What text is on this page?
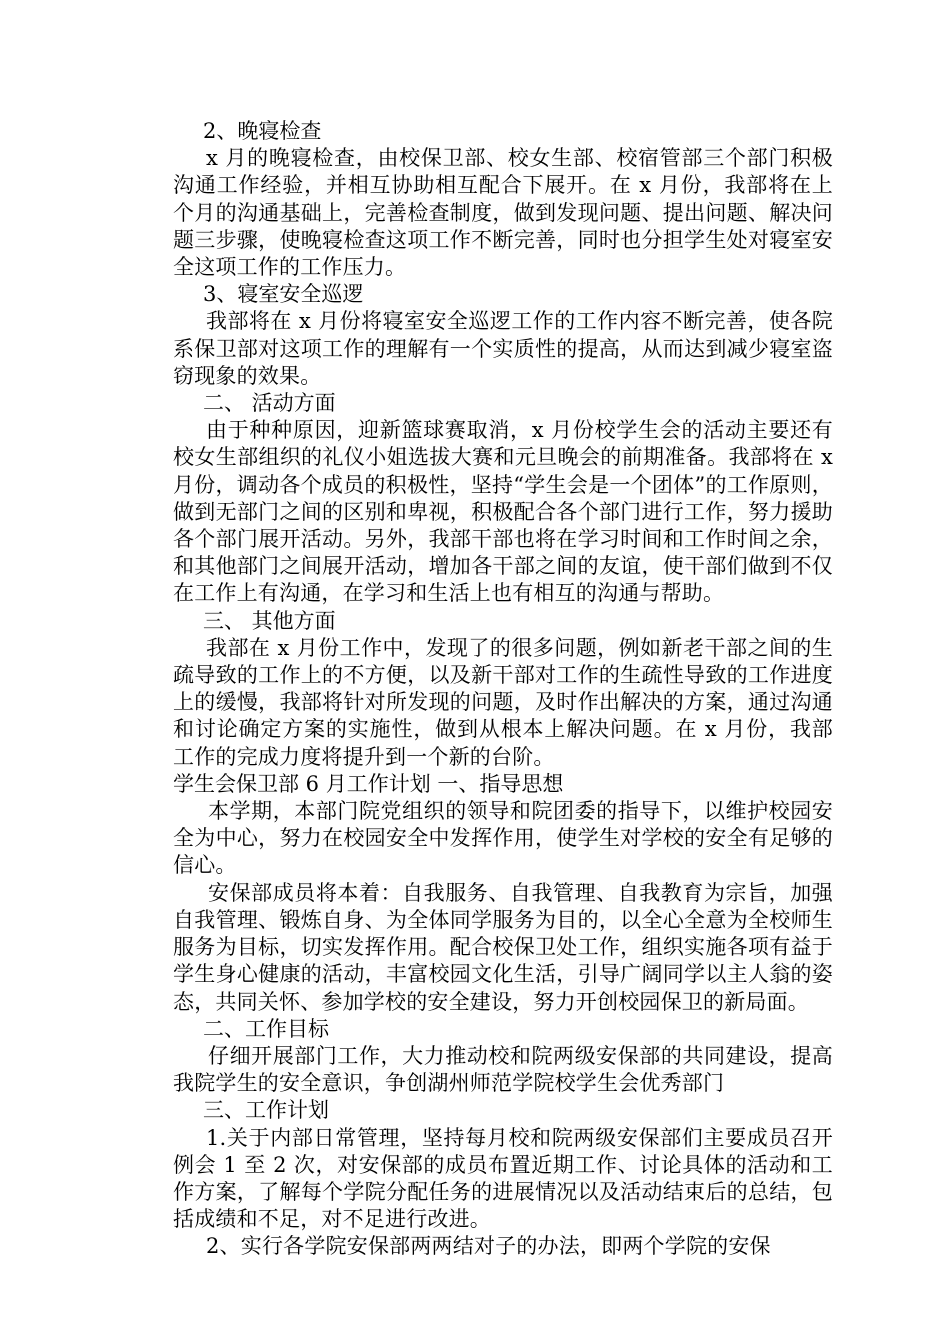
2、晚寝检查

x 月的晚寝检查，由校保卫部、校女生部、校宿管部三个部门积极沟通工作经验，并相互协助相互配合下展开。在 x 月份，我部将在上个月的沟通基础上，完善检查制度，做到发现问题、提出问题、解决问题三步骤，使晚寝检查这项工作不断完善，同时也分担学生处对寝室安全这项工作的工作压力。

3、寝室安全巡逻

我部将在 x 月份将寝室安全巡逻工作的工作内容不断完善，使各院系保卫部对这项工作的理解有一个实质性的提高，从而达到减少寝室盗窃现象的效果。

二、 活动方面

由于种种原因，迎新篮球赛取消，x 月份校学生会的活动主要还有校女生部组织的礼仪小姐选拔大赛和元旦晚会的前期准备。我部将在 x 月份，调动各个成员的积极性，坚持“学生会是一个团体”的工作原则，做到无部门之间的区别和卑视，积极配合各个部门进行工作，努力援助各个部门展开活动。另外，我部干部也将在学习时间和工作时间之余，和其他部门之间展开活动，增加各干部之间的友谊，使干部们做到不仅在工作上有沟通，在学习和生活上也有相互的沟通与帮助。

三、 其他方面

我部在 x 月份工作中，发现了的很多问题，例如新老干部之间的生疏导致的工作上的不方便，以及新干部对工作的生疏性导致的工作进度上的缓慢，我部将针对所发现的问题，及时作出解决的方案，通过沟通和讨论确定方案的实施性，做到从根本上解决问题。在 x 月份，我部工作的完成力度将提升到一个新的台阶。

学生会保卫部 6 月工作计划 一、指导思想

本学期，本部门院党组织的领导和院团委的指导下，以维护校园安全为中心，努力在校园安全中发挥作用，使学生对学校的安全有足够的信心。

安保部成员将本着：自我服务、自我管理、自我教育为宗旨，加强自我管理、锻炼自身、为全体同学服务为目的，以全心全意为全校师生服务为目标，切实发挥作用。配合校保卫处工作，组织实施各项有益于学生身心健康的活动，丰富校园文化生活，引导广阔同学以主人翁的姿态，共同关怀、参加学校的安全建设，努力开创校园保卫的新局面。

二、工作目标

仔细开展部门工作，大力推动校和院两级安保部的共同建设，提高我院学生的安全意识，争创湖州师范学院校学生会优秀部门

三、工作计划

1.关于内部日常管理，坚持每月校和院两级安保部们主要成员召开例会 1 至 2 次，对安保部的成员布置近期工作、讨论具体的活动和工作方案，了解每个学院分配任务的进展情况以及活动结束后的总结，包括成绩和不足，对不足进行改进。

2、实行各学院安保部两两结对子的办法，即两个学院的安保
